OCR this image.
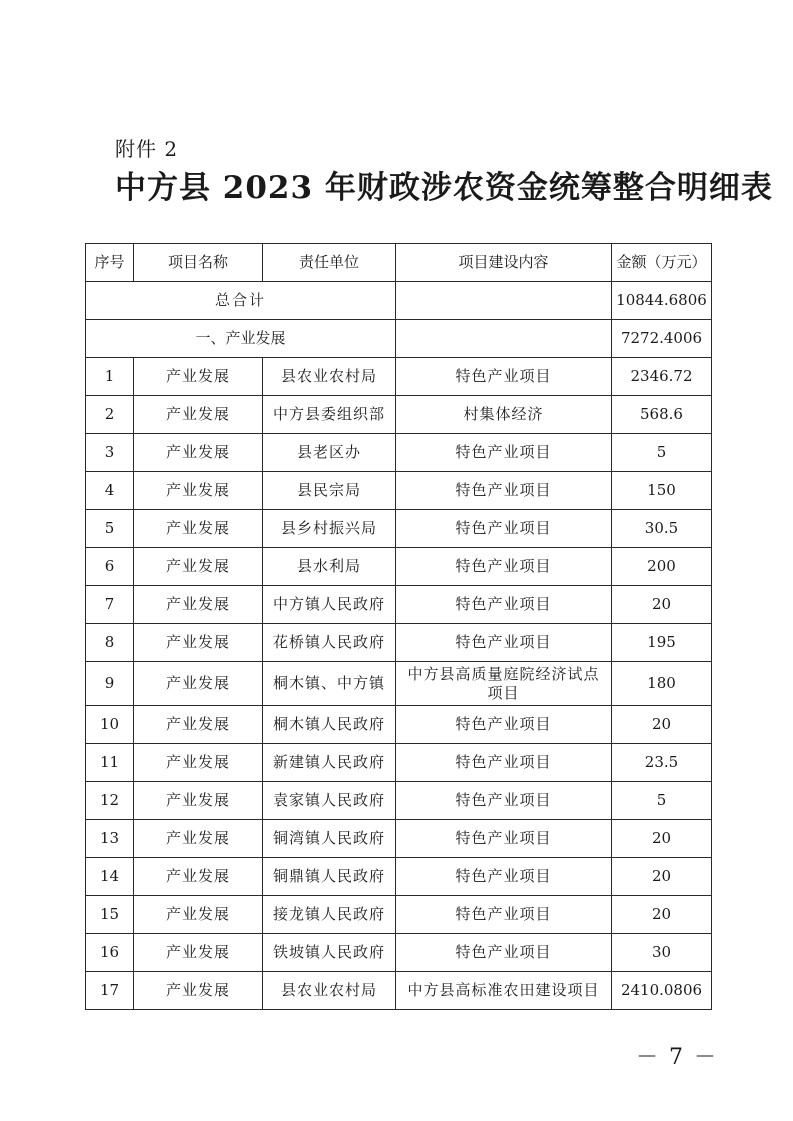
附件 2
中方县 2023 年财政涉农资金统筹整合明细表
序号	项目名称	责任单位	项目建设内容	金额（万元）
总合计				10844.6806
一、产业发展				7272.4006
1	产业发展	县农业农村局	特色产业项目	2346.72
2	产业发展	中方县委组织部	村集体经济	568.6
3	产业发展	县老区办	特色产业项目	5
4	产业发展	县民宗局	特色产业项目	150
5	产业发展	县乡村振兴局	特色产业项目	30.5
6	产业发展	县水利局	特色产业项目	200
7	产业发展	中方镇人民政府	特色产业项目	20
8	产业发展	花桥镇人民政府	特色产业项目	195
9	产业发展	桐木镇、中方镇	中方县高质量庭院经济试点项目	180
10	产业发展	桐木镇人民政府	特色产业项目	20
11	产业发展	新建镇人民政府	特色产业项目	23.5
12	产业发展	袁家镇人民政府	特色产业项目	5
13	产业发展	铜湾镇人民政府	特色产业项目	20
14	产业发展	铜鼎镇人民政府	特色产业项目	20
15	产业发展	接龙镇人民政府	特色产业项目	20
16	产业发展	铁坡镇人民政府	特色产业项目	30
17	产业发展	县农业农村局	中方县高标准农田建设项目	2410.0806
－ 7 －
